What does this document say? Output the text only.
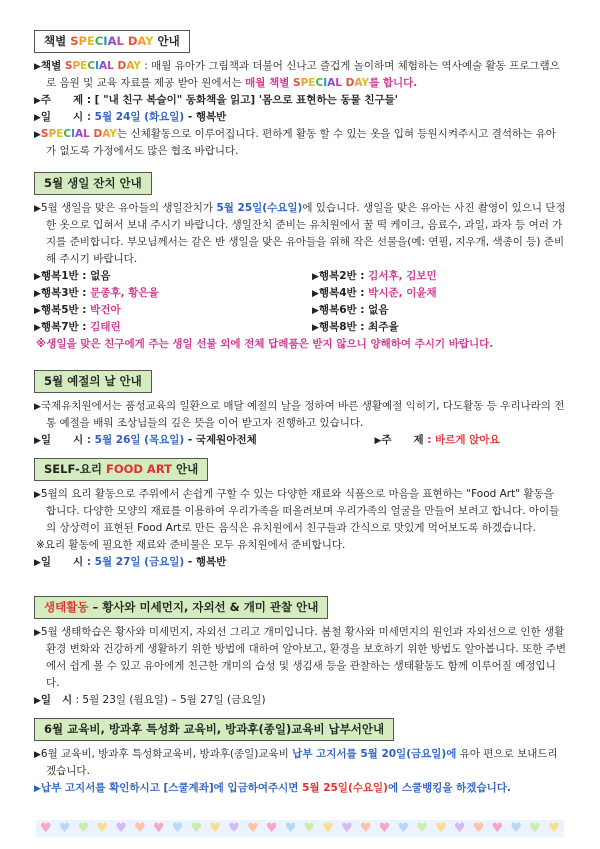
책별 SPECIAL DAY 안내
▶책별 SPECIAL DAY : 매월 유아가 그림책과 더불어 신나고 즐겁게 놀이하며 체험하는 역사예술 활동 프로그램으로 음원 및 교육 자료를 제공 받아 원에서는 매월 책별 SPECIAL DAY를 합니다.
▶주      제 : [ "내 친구 복슬이" 동화책을 읽고] '몸으로 표현하는 동물 친구들'
▶일      시 : 5월 24일 (화요일) - 행복반
▶SPECIAL DAY는 신체활동으로 이루어집니다. 편하게 활동 할 수 있는 옷을 입혀 등원시켜주시고 결석하는 유아가 없도록 가정에서도 많은 협조 바랍니다.
5월 생일 잔치 안내
▶5월 생일을 맞은 유아들의 생일잔치가 5월 25일(수요일)에 있습니다. 생일을 맞은 유아는 사진 촬영이 있으니 단정한 옷으로 입혀서 보내 주시기 바랍니다. 생일잔치 준비는 유치원에서 꿀 떡 케이크, 음료수, 과일, 과자 등 여러 가지를 준비합니다. 부모님께서는 같은 반 생일을 맞은 유아들을 위해 작은 선물을(예: 연필, 지우개, 색종이 등) 준비해 주시기 바랍니다.
▶행복1반 : 없음	▶행복2반 : 김서후, 김보민
▶행복3반 : 문종후, 황은율	▶행복4반 : 박시준, 이윤채
▶행복5반 : 박건아	▶행복6반 : 없음
▶행복7반 : 김태린	▶행복8반 : 최주율
※생일을 맞은 친구에게 주는 생일 선물 외에 전체 답례품은 받지 않으니 양해하여 주시기 바랍니다.
5월 예절의 날 안내
▶국제유치원에서는 품성교육의 일환으로 매달 예절의 날을 정하여 바른 생활예절 익히기, 다도활동 등 우리나라의 전통 예절을 배워 조상님들의 깊은 뜻을 이어 받고자 진행하고 있습니다.
▶일      시 : 5월 26일 (목요일) - 국제원아전체	▶주      제 : 바르게 앉아요
SELF-요리 FOOD ART 안내
▶5월의 요리 활동으로 주위에서 손쉽게 구할 수 있는 다양한 재료와 식품으로 마음을 표현하는 "Food Art" 활동을 합니다. 다양한 모양의 재료를 이용하여 우리가족을 떠올려보며 우리가족의 얼굴을 만들어 보려고 합니다. 아이들의 상상력이 표현된 Food Art로 만든 음식은 유치원에서 친구들과 간식으로 맛있게 먹어보도록 하겠습니다.
※요리 활동에 필요한 재료와 준비물은 모두 유치원에서 준비합니다.
▶일      시 : 5월 27일 (금요일) - 행복반
생태활동 – 황사와 미세먼지, 자외선 & 개미 관찰 안내
▶5월 생태학습은 황사와 미세먼지, 자외선 그리고 개미입니다. 봄철 황사와 미세먼지의 원인과 자외선으로 인한 생활환경 변화와 건강하게 생활하기 위한 방법에 대하여 알아보고, 환경을 보호하기 위한 방법도 알아봅니다. 또한 주변에서 쉽게 볼 수 있고 유아에게 친근한 개미의 습성 및 생김새 등을 관찰하는 생태활동도 함께 이루어질 예정입니다.
▶일   시 : 5월 23일 (월요일) – 5월 27일 (금요일)
6월 교육비, 방과후 특성화 교육비, 방과후(종일)교육비 납부서안내
▶6월 교육비, 방과후 특성화교육비, 방과후(종일)교육비 납부 고지서를 5월 20일(금요일)에 유아 편으로 보내드리겠습니다.
▶납부 고지서를 확인하시고 [스쿨계좌]에 입금하여주시면 5월 25일(수요일)에 스쿨뱅킹을 하겠습니다.
♥ ♥ ♥ ♥ ♥ ♥ ♥ ♥ ♥ ♥ ♥ ♥ ♥ ♥ ♥ ♥ ♥ ♥ ♥ ♥ ♥ ♥ ♥ ♥ ♥ ♥ ♥ ♥
